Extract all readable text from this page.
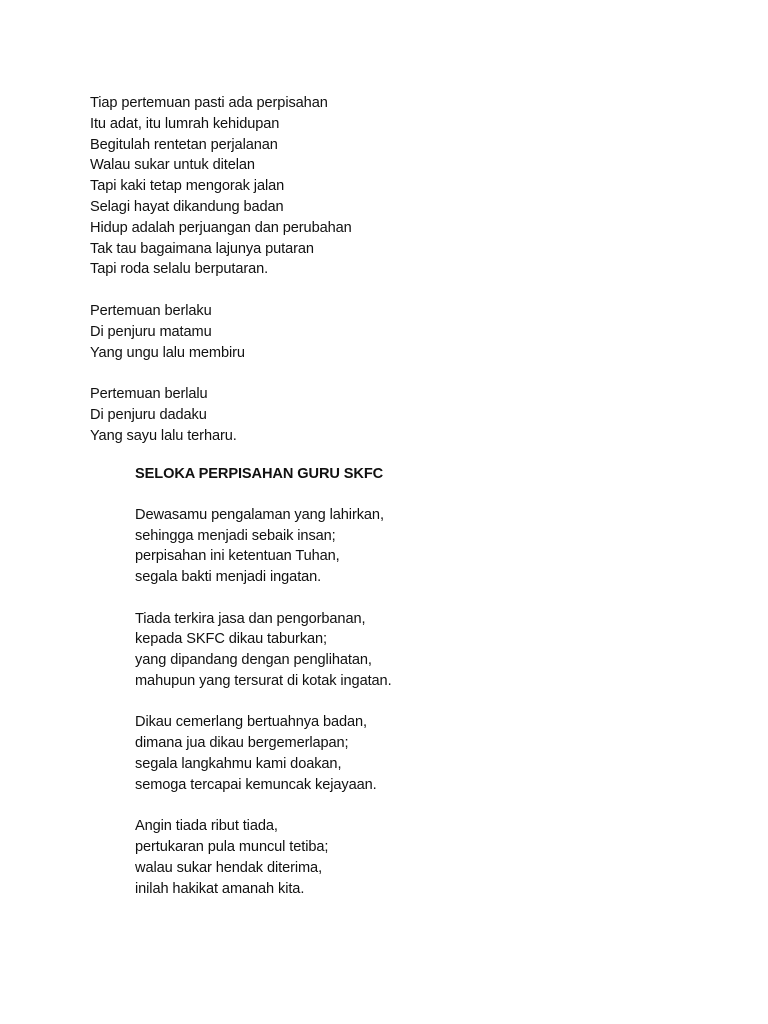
Tiap pertemuan pasti ada perpisahan
Itu adat, itu lumrah kehidupan
Begitulah rentetan perjalanan
Walau sukar untuk ditelan
Tapi kaki tetap mengorak jalan
Selagi hayat dikandung badan
Hidup adalah perjuangan dan perubahan
Tak tau bagaimana lajunya putaran
Tapi roda selalu berputaran.
Pertemuan berlaku
Di penjuru matamu
Yang ungu lalu membiru
Pertemuan berlalu
Di penjuru dadaku
Yang sayu lalu terharu.
SELOKA PERPISAHAN GURU SKFC
Dewasamu pengalaman yang lahirkan,
sehingga menjadi sebaik insan;
perpisahan ini ketentuan Tuhan,
segala bakti menjadi ingatan.
Tiada terkira jasa dan pengorbanan,
kepada SKFC dikau taburkan;
yang dipandang dengan penglihatan,
mahupun yang tersurat di kotak ingatan.
Dikau cemerlang bertuahnya badan,
dimana jua dikau bergemerlapan;
segala langkahmu kami doakan,
semoga tercapai kemuncak kejayaan.
Angin tiada ribut tiada,
pertukaran pula muncul tetiba;
walau sukar hendak diterima,
inilah hakikat amanah kita.
